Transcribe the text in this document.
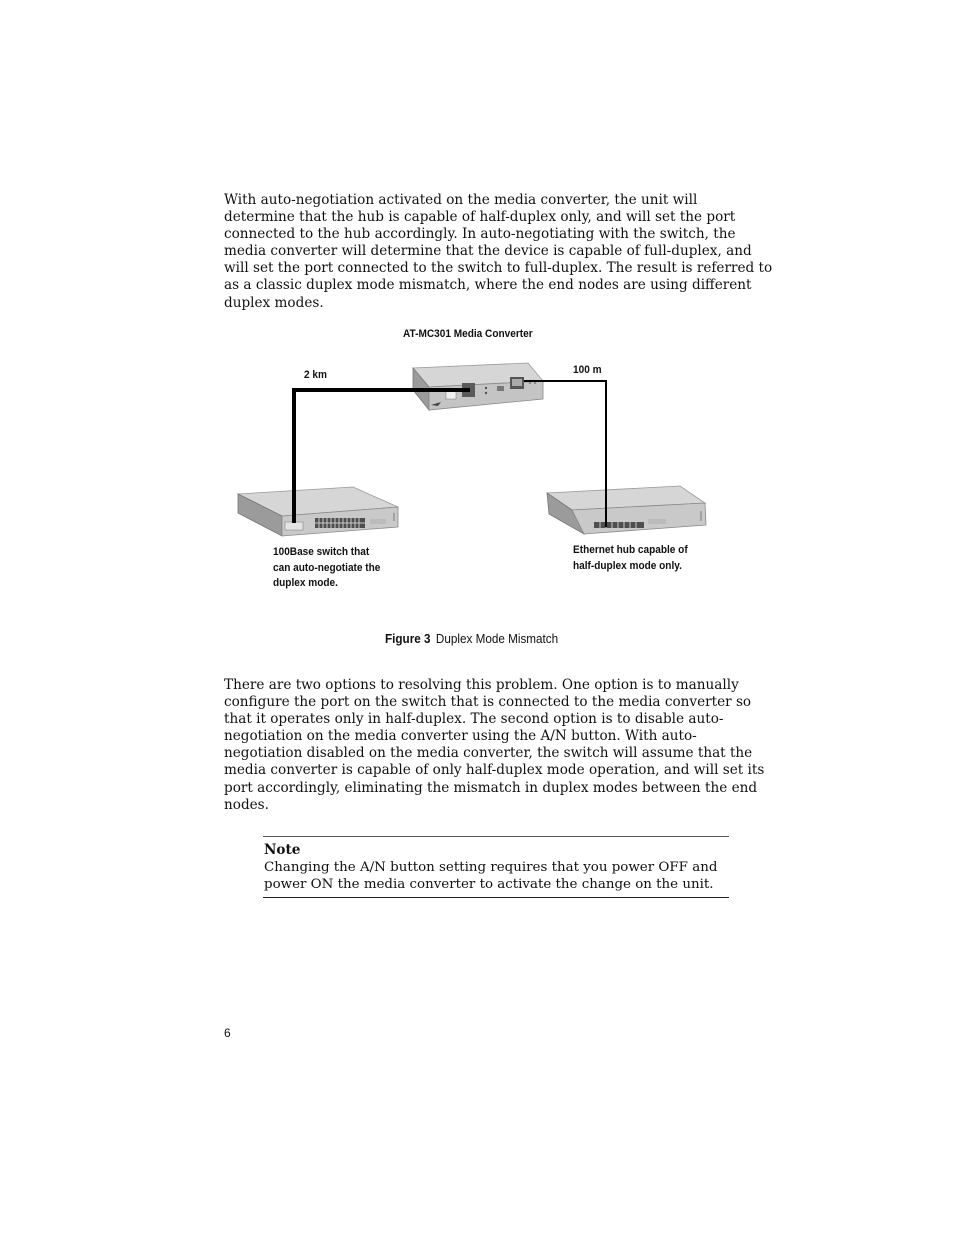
With auto-negotiation activated on the media converter, the unit will
determine that the hub is capable of half-duplex only, and will set the port
connected to the hub accordingly. In auto-negotiating with the switch, the
media converter will determine that the device is capable of full-duplex, and
will set the port connected to the switch to full-duplex. The result is referred to
as a classic duplex mode mismatch, where the end nodes are using different
duplex modes.
AT-MC301 Media Converter
2 km	100 m
100Base switch that
can auto-negotiate the
duplex mode.
Ethernet hub capable of
half-duplex mode only.
Figure 3 Duplex Mode Mismatch
There are two options to resolving this problem. One option is to manually
configure the port on the switch that is connected to the media converter so
that it operates only in half-duplex. The second option is to disable auto-
negotiation on the media converter using the A/N button. With auto-
negotiation disabled on the media converter, the switch will assume that the
media converter is capable of only half-duplex mode operation, and will set its
port accordingly, eliminating the mismatch in duplex modes between the end
nodes.
Note
Changing the A/N button setting requires that you power OFF and
power ON the media converter to activate the change on the unit.
6
